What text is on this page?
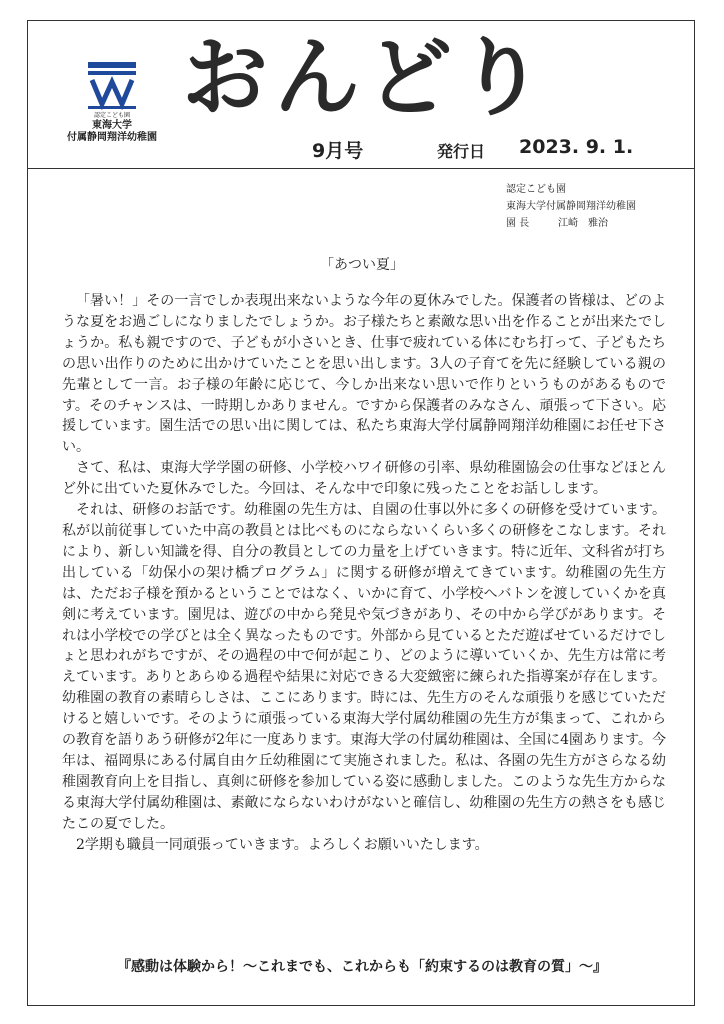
認定こども園
東海大学
付属静岡翔洋幼稚園
おんどり
9月号	発行日 2023. 9. 1.
認定こども園
東海大学付属静岡翔洋幼稚園
園 長	江崎　雅治
「あつい夏」

「暑い！」その一言でしか表現出来ないような今年の夏休みでした。保護者の皆様は、どのような夏をお過ごしになりましたでしょうか。お子様たちと素敵な思い出を作ることが出来たでしょうか。私も親ですので、子どもが小さいとき、仕事で疲れている体にむち打って、子どもたちの思い出作りのために出かけていたことを思い出します。3人の子育てを先に経験している親の先輩として一言。お子様の年齢に応じて、今しか出来ない思いで作りというものがあるものです。そのチャンスは、一時期しかありません。ですから保護者のみなさん、頑張って下さい。応援しています。園生活での思い出に関しては、私たち東海大学付属静岡翔洋幼稚園にお任せ下さい。

さて、私は、東海大学学園の研修、小学校ハワイ研修の引率、県幼稚園協会の仕事などほとんど外に出ていた夏休みでした。今回は、そんな中で印象に残ったことをお話しします。

それは、研修のお話です。幼稚園の先生方は、自園の仕事以外に多くの研修を受けています。私が以前従事していた中高の教員とは比べものにならないくらい多くの研修をこなします。それにより、新しい知識を得、自分の教員としての力量を上げていきます。特に近年、文科省が打ち出している「幼保小の架け橋プログラム」に関する研修が増えてきています。幼稚園の先生方は、ただお子様を預かるということではなく、いかに育て、小学校へバトンを渡していくかを真剣に考えています。園児は、遊びの中から発見や気づきがあり、その中から学びがあります。それは小学校での学びとは全く異なったものです。外部から見ているとただ遊ばせているだけでしょと思われがちですが、その過程の中で何が起こり、どのように導いていくか、先生方は常に考えています。ありとあらゆる過程や結果に対応できる大変緻密に練られた指導案が存在します。幼稚園の教育の素晴らしさは、ここにあります。時には、先生方のそんな頑張りを感じていただけると嬉しいです。そのように頑張っている東海大学付属幼稚園の先生方が集まって、これからの教育を語りあう研修が2年に一度あります。東海大学の付属幼稚園は、全国に4園あります。今年は、福岡県にある付属自由ケ丘幼稚園にて実施されました。私は、各園の先生方がさらなる幼稚園教育向上を目指し、真剣に研修を参加している姿に感動しました。このような先生方からなる東海大学付属幼稚園は、素敵にならないわけがないと確信し、幼稚園の先生方の熱さをも感じたこの夏でした。

2学期も職員一同頑張っていきます。よろしくお願いいたします。

『感動は体験から！～これまでも、これからも「約束するのは教育の質」～』
